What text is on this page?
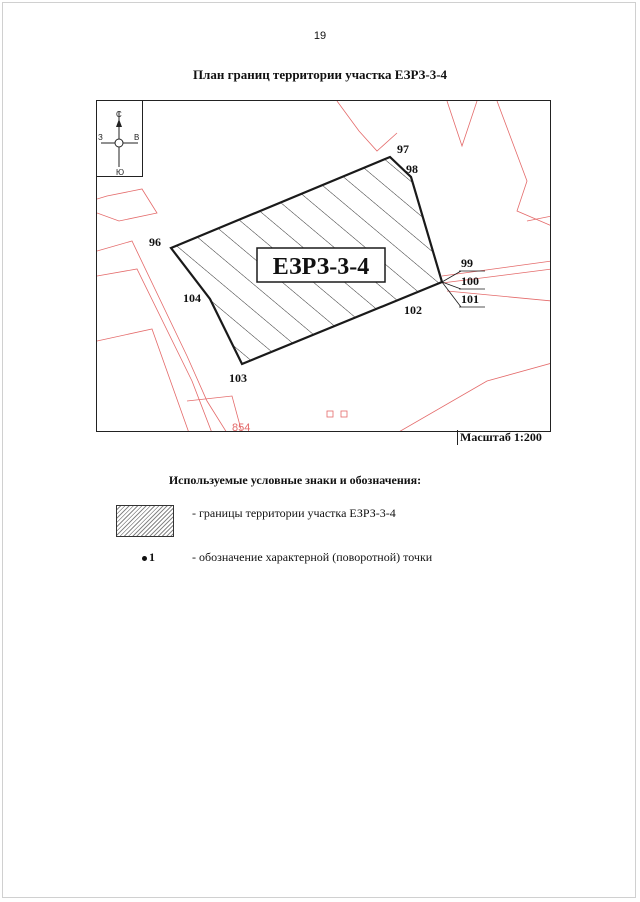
19
План границ территории участка ЕЗРЗ-3-4
854
ЕЗРЗ-3-4
96
97
98
99
100
101
102
103
104
С
Ю
З	В
Масштаб 1:200
Используемые условные знаки и обозначения:
- границы территории участка ЕЗРЗ-3-4
1	- обозначение характерной (поворотной) точки
